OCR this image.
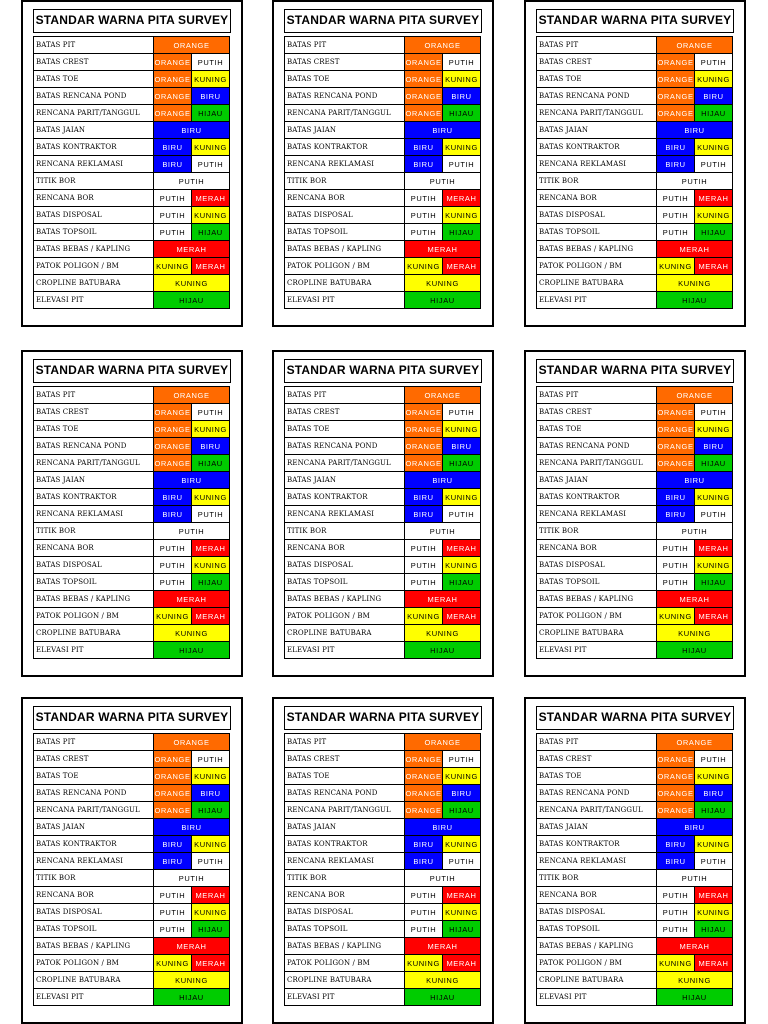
STANDAR WARNA PITA SURVEY
BATAS PIT	ORANGE	
BATAS CREST	ORANGE	PUTIH
BATAS TOE	ORANGE	KUNING
BATAS RENCANA POND	ORANGE	BIRU
RENCANA PARIT/TANGGUL	ORANGE	HIJAU
BATAS JAIAN	BIRU	
BATAS KONTRAKTOR	BIRU	KUNING
RENCANA REKLAMASI	BIRU	PUTIH
TITIK BOR	PUTIH	
RENCANA BOR	PUTIH	MERAH
BATAS DISPOSAL	PUTIH	KUNING
BATAS TOPSOIL	PUTIH	HIJAU
BATAS BEBAS / KAPLING	MERAH	
PATOK POLIGON / BM	KUNING	MERAH
CROPLINE BATUBARA	KUNING	
ELEVASI PIT	HIJAU	
STANDAR WARNA PITA SURVEY
BATAS PIT	ORANGE	
BATAS CREST	ORANGE	PUTIH
BATAS TOE	ORANGE	KUNING
BATAS RENCANA POND	ORANGE	BIRU
RENCANA PARIT/TANGGUL	ORANGE	HIJAU
BATAS JAIAN	BIRU	
BATAS KONTRAKTOR	BIRU	KUNING
RENCANA REKLAMASI	BIRU	PUTIH
TITIK BOR	PUTIH	
RENCANA BOR	PUTIH	MERAH
BATAS DISPOSAL	PUTIH	KUNING
BATAS TOPSOIL	PUTIH	HIJAU
BATAS BEBAS / KAPLING	MERAH	
PATOK POLIGON / BM	KUNING	MERAH
CROPLINE BATUBARA	KUNING	
ELEVASI PIT	HIJAU	
STANDAR WARNA PITA SURVEY
BATAS PIT	ORANGE	
BATAS CREST	ORANGE	PUTIH
BATAS TOE	ORANGE	KUNING
BATAS RENCANA POND	ORANGE	BIRU
RENCANA PARIT/TANGGUL	ORANGE	HIJAU
BATAS JAIAN	BIRU	
BATAS KONTRAKTOR	BIRU	KUNING
RENCANA REKLAMASI	BIRU	PUTIH
TITIK BOR	PUTIH	
RENCANA BOR	PUTIH	MERAH
BATAS DISPOSAL	PUTIH	KUNING
BATAS TOPSOIL	PUTIH	HIJAU
BATAS BEBAS / KAPLING	MERAH	
PATOK POLIGON / BM	KUNING	MERAH
CROPLINE BATUBARA	KUNING	
ELEVASI PIT	HIJAU	
STANDAR WARNA PITA SURVEY
BATAS PIT	ORANGE	
BATAS CREST	ORANGE	PUTIH
BATAS TOE	ORANGE	KUNING
BATAS RENCANA POND	ORANGE	BIRU
RENCANA PARIT/TANGGUL	ORANGE	HIJAU
BATAS JAIAN	BIRU	
BATAS KONTRAKTOR	BIRU	KUNING
RENCANA REKLAMASI	BIRU	PUTIH
TITIK BOR	PUTIH	
RENCANA BOR	PUTIH	MERAH
BATAS DISPOSAL	PUTIH	KUNING
BATAS TOPSOIL	PUTIH	HIJAU
BATAS BEBAS / KAPLING	MERAH	
PATOK POLIGON / BM	KUNING	MERAH
CROPLINE BATUBARA	KUNING	
ELEVASI PIT	HIJAU	
STANDAR WARNA PITA SURVEY
BATAS PIT	ORANGE	
BATAS CREST	ORANGE	PUTIH
BATAS TOE	ORANGE	KUNING
BATAS RENCANA POND	ORANGE	BIRU
RENCANA PARIT/TANGGUL	ORANGE	HIJAU
BATAS JAIAN	BIRU	
BATAS KONTRAKTOR	BIRU	KUNING
RENCANA REKLAMASI	BIRU	PUTIH
TITIK BOR	PUTIH	
RENCANA BOR	PUTIH	MERAH
BATAS DISPOSAL	PUTIH	KUNING
BATAS TOPSOIL	PUTIH	HIJAU
BATAS BEBAS / KAPLING	MERAH	
PATOK POLIGON / BM	KUNING	MERAH
CROPLINE BATUBARA	KUNING	
ELEVASI PIT	HIJAU	
STANDAR WARNA PITA SURVEY
BATAS PIT	ORANGE	
BATAS CREST	ORANGE	PUTIH
BATAS TOE	ORANGE	KUNING
BATAS RENCANA POND	ORANGE	BIRU
RENCANA PARIT/TANGGUL	ORANGE	HIJAU
BATAS JAIAN	BIRU	
BATAS KONTRAKTOR	BIRU	KUNING
RENCANA REKLAMASI	BIRU	PUTIH
TITIK BOR	PUTIH	
RENCANA BOR	PUTIH	MERAH
BATAS DISPOSAL	PUTIH	KUNING
BATAS TOPSOIL	PUTIH	HIJAU
BATAS BEBAS / KAPLING	MERAH	
PATOK POLIGON / BM	KUNING	MERAH
CROPLINE BATUBARA	KUNING	
ELEVASI PIT	HIJAU	
STANDAR WARNA PITA SURVEY
BATAS PIT	ORANGE	
BATAS CREST	ORANGE	PUTIH
BATAS TOE	ORANGE	KUNING
BATAS RENCANA POND	ORANGE	BIRU
RENCANA PARIT/TANGGUL	ORANGE	HIJAU
BATAS JAIAN	BIRU	
BATAS KONTRAKTOR	BIRU	KUNING
RENCANA REKLAMASI	BIRU	PUTIH
TITIK BOR	PUTIH	
RENCANA BOR	PUTIH	MERAH
BATAS DISPOSAL	PUTIH	KUNING
BATAS TOPSOIL	PUTIH	HIJAU
BATAS BEBAS / KAPLING	MERAH	
PATOK POLIGON / BM	KUNING	MERAH
CROPLINE BATUBARA	KUNING	
ELEVASI PIT	HIJAU	
STANDAR WARNA PITA SURVEY
BATAS PIT	ORANGE	
BATAS CREST	ORANGE	PUTIH
BATAS TOE	ORANGE	KUNING
BATAS RENCANA POND	ORANGE	BIRU
RENCANA PARIT/TANGGUL	ORANGE	HIJAU
BATAS JAIAN	BIRU	
BATAS KONTRAKTOR	BIRU	KUNING
RENCANA REKLAMASI	BIRU	PUTIH
TITIK BOR	PUTIH	
RENCANA BOR	PUTIH	MERAH
BATAS DISPOSAL	PUTIH	KUNING
BATAS TOPSOIL	PUTIH	HIJAU
BATAS BEBAS / KAPLING	MERAH	
PATOK POLIGON / BM	KUNING	MERAH
CROPLINE BATUBARA	KUNING	
ELEVASI PIT	HIJAU	
STANDAR WARNA PITA SURVEY
BATAS PIT	ORANGE	
BATAS CREST	ORANGE	PUTIH
BATAS TOE	ORANGE	KUNING
BATAS RENCANA POND	ORANGE	BIRU
RENCANA PARIT/TANGGUL	ORANGE	HIJAU
BATAS JAIAN	BIRU	
BATAS KONTRAKTOR	BIRU	KUNING
RENCANA REKLAMASI	BIRU	PUTIH
TITIK BOR	PUTIH	
RENCANA BOR	PUTIH	MERAH
BATAS DISPOSAL	PUTIH	KUNING
BATAS TOPSOIL	PUTIH	HIJAU
BATAS BEBAS / KAPLING	MERAH	
PATOK POLIGON / BM	KUNING	MERAH
CROPLINE BATUBARA	KUNING	
ELEVASI PIT	HIJAU	
